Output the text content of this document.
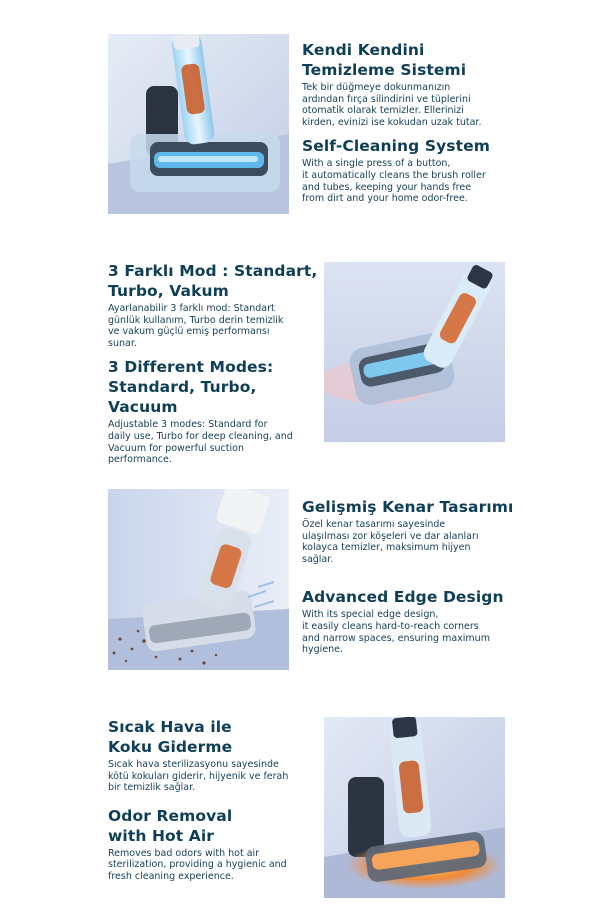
Kendi Kendini
Temizleme Sistemi

Tek bir düğmeye dokunmanızın
ardından fırça silindirini ve tüplerini
otomatik olarak temizler. Ellerinizi
kirden, evinizi ise kokudan uzak tutar.

Self-Cleaning System

With a single press of a button,
it automatically cleans the brush roller
and tubes, keeping your hands free
from dirt and your home odor-free.

3 Farklı Mod : Standart,
Turbo, Vakum

Ayarlanabilir 3 farklı mod: Standart
günlük kullanım, Turbo derin temizlik
ve vakum güçlü emiş performansı
sunar.

3 Different Modes:
Standard, Turbo, Vacuum

Adjustable 3 modes: Standard for
daily use, Turbo for deep cleaning, and
Vacuum for powerful suction
performance.

Gelişmiş Kenar Tasarımı

Özel kenar tasarımı sayesinde
ulaşılması zor köşeleri ve dar alanları
kolayca temizler, maksimum hijyen
sağlar.

Advanced Edge Design

With its special edge design,
it easily cleans hard-to-reach corners
and narrow spaces, ensuring maximum
hygiene.

Sıcak Hava ile
Koku Giderme

Sıcak hava sterilizasyonu sayesinde
kötü kokuları giderir, hijyenik ve ferah
bir temizlik sağlar.

Odor Removal
with Hot Air

Removes bad odors with hot air
sterilization, providing a hygienic and
fresh cleaning experience.
